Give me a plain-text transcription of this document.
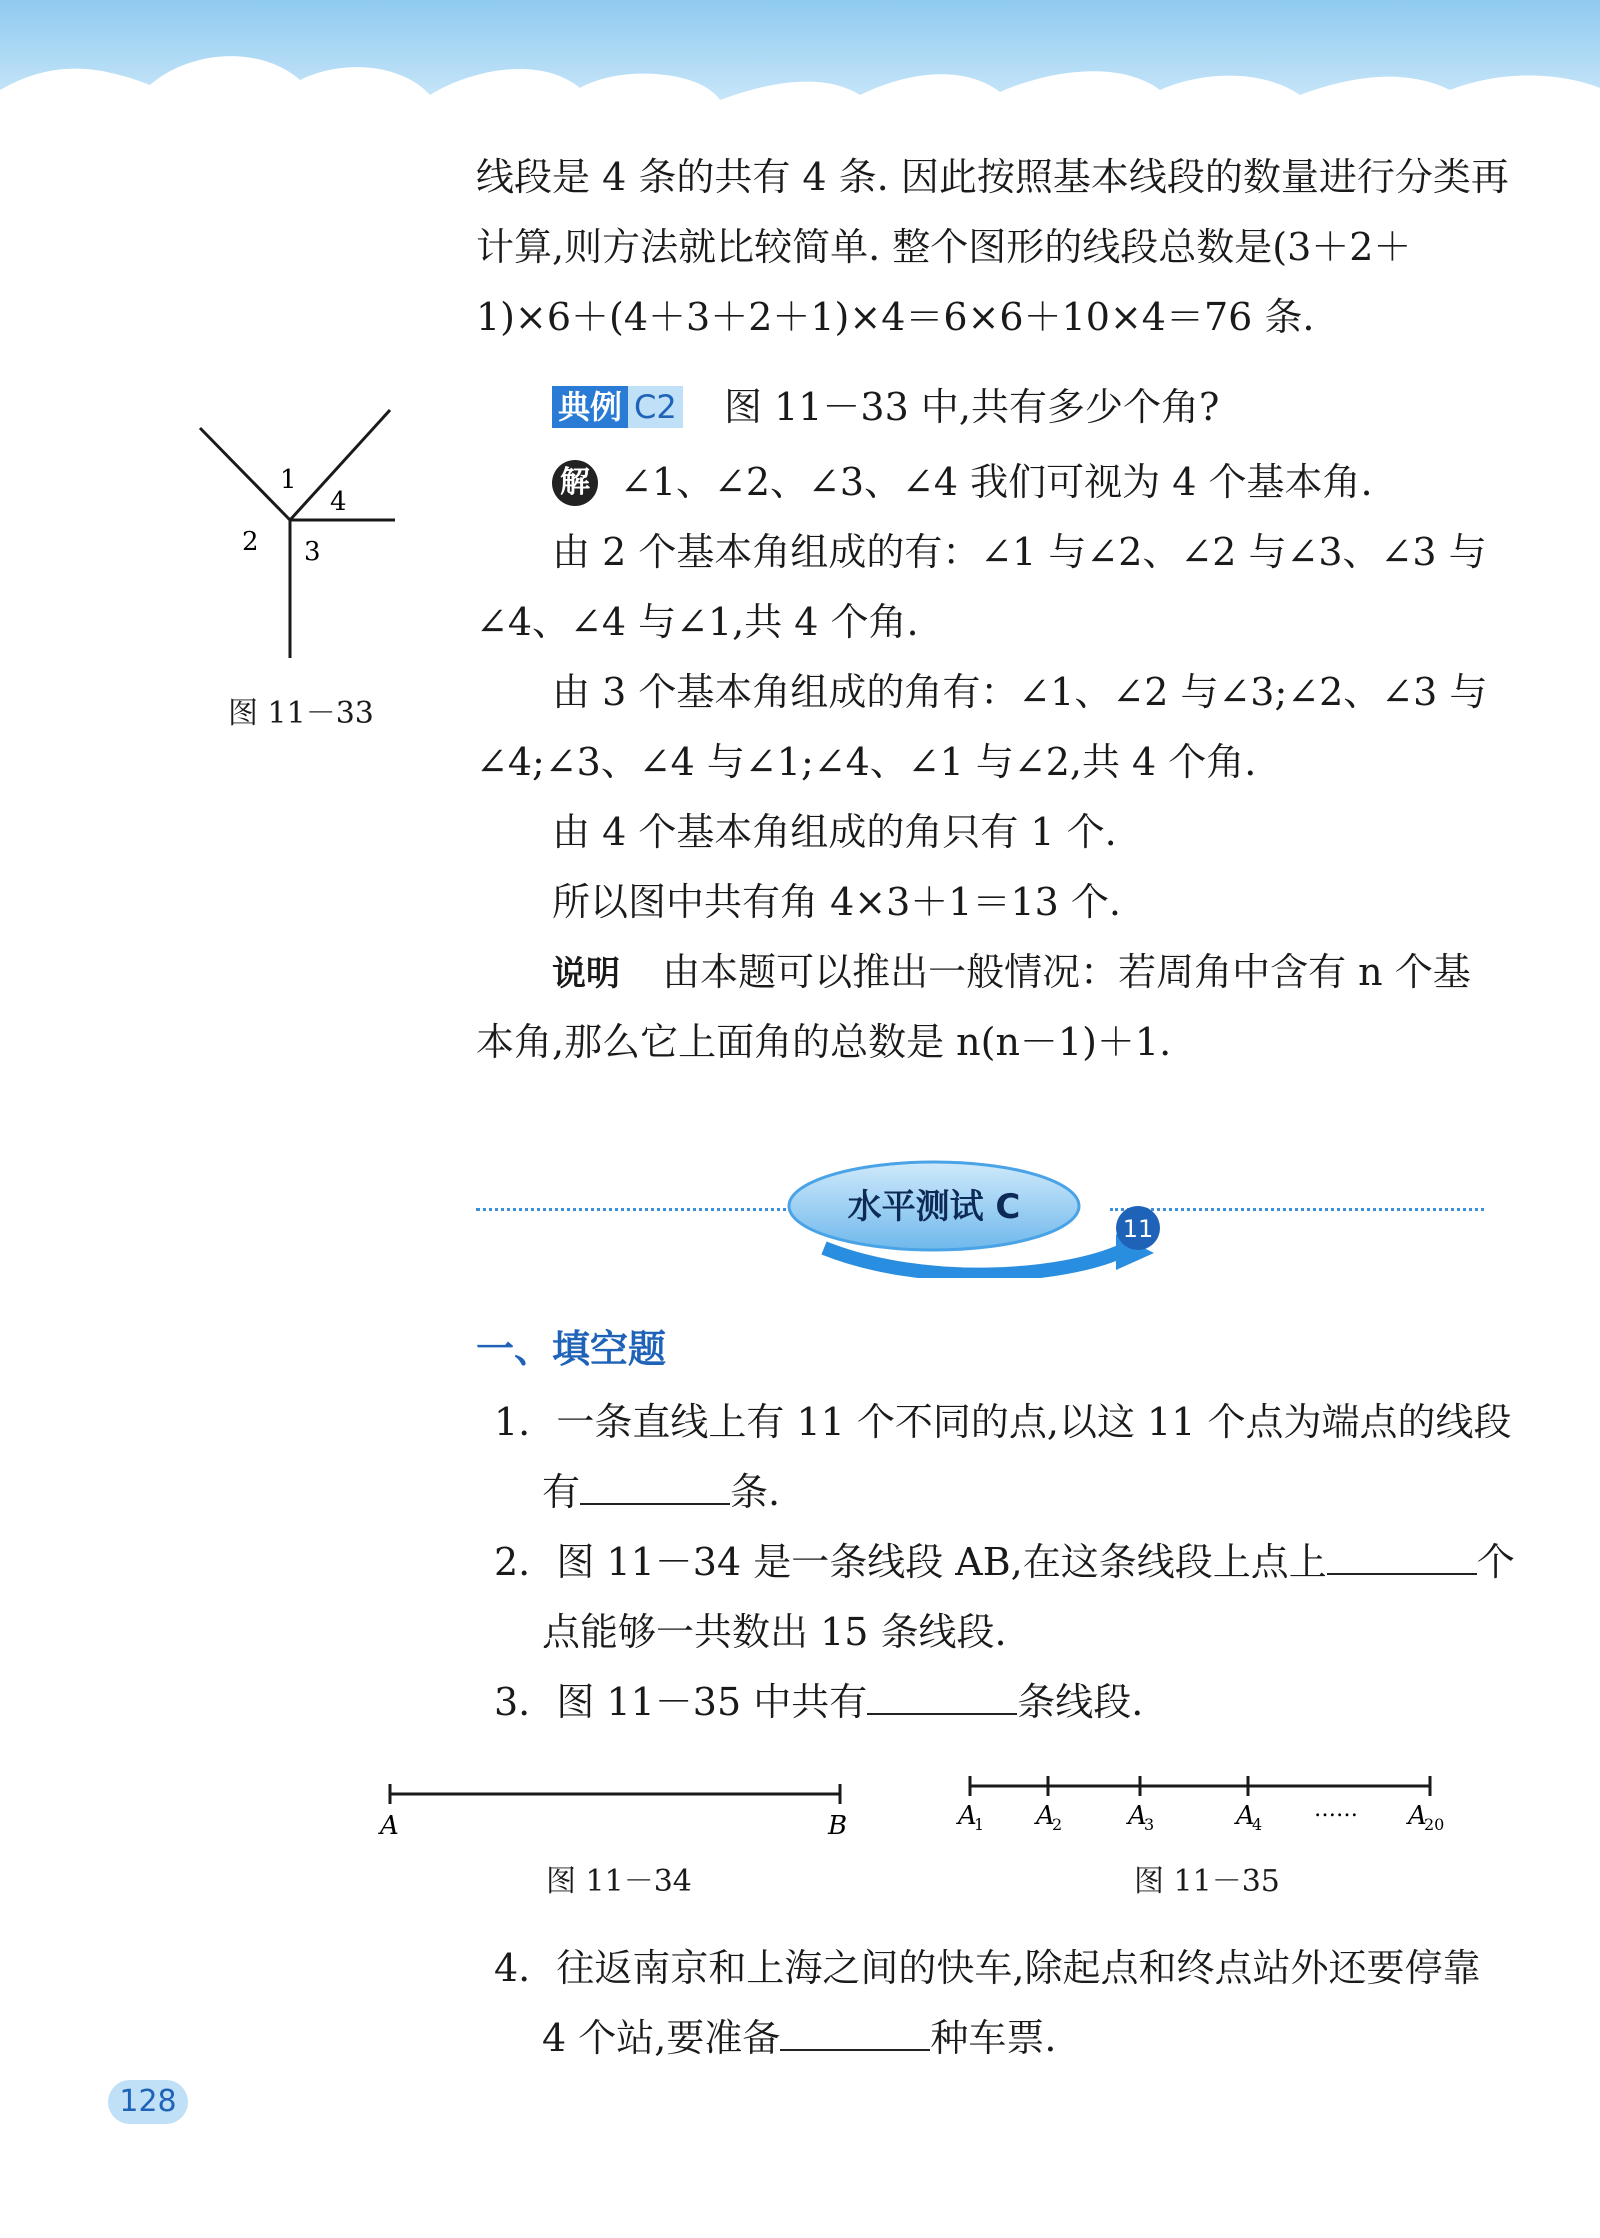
线段是 4 条的共有 4 条. 因此按照基本线段的数量进行分类再
计算,则方法就比较简单. 整个图形的线段总数是(3＋2＋
1)×6＋(4＋3＋2＋1)×4＝6×6＋10×4＝76 条.
典例 C2 图 11－33 中,共有多少个角?
解 ∠1、∠2、∠3、∠4 我们可视为 4 个基本角.
由 2 个基本角组成的有：∠1 与∠2、∠2 与∠3、∠3 与
∠4、∠4 与∠1,共 4 个角.
由 3 个基本角组成的角有：∠1、∠2 与∠3;∠2、∠3 与
∠4;∠3、∠4 与∠1;∠4、∠1 与∠2,共 4 个角.
由 4 个基本角组成的角只有 1 个.
所以图中共有角 4×3＋1＝13 个.
说明 由本题可以推出一般情况：若周角中含有 n 个基
本角,那么它上面角的总数是 n(n－1)＋1.
1
2 3
4
图 11－33
水平测试 C
11
一、填空题
1. 一条直线上有 11 个不同的点,以这 11 个点为端点的线段
有	条.
2. 图 11－34 是一条线段 AB,在这条线段上点上	个
点能够一共数出 15 条线段.
3. 图 11－35 中共有	条线段.
A	B
图 11－34
A
1 A
2	A
3	A
4
…… A
20
图 11－35
4. 往返南京和上海之间的快车,除起点和终点站外还要停靠
4 个站,要准备	种车票.
128
